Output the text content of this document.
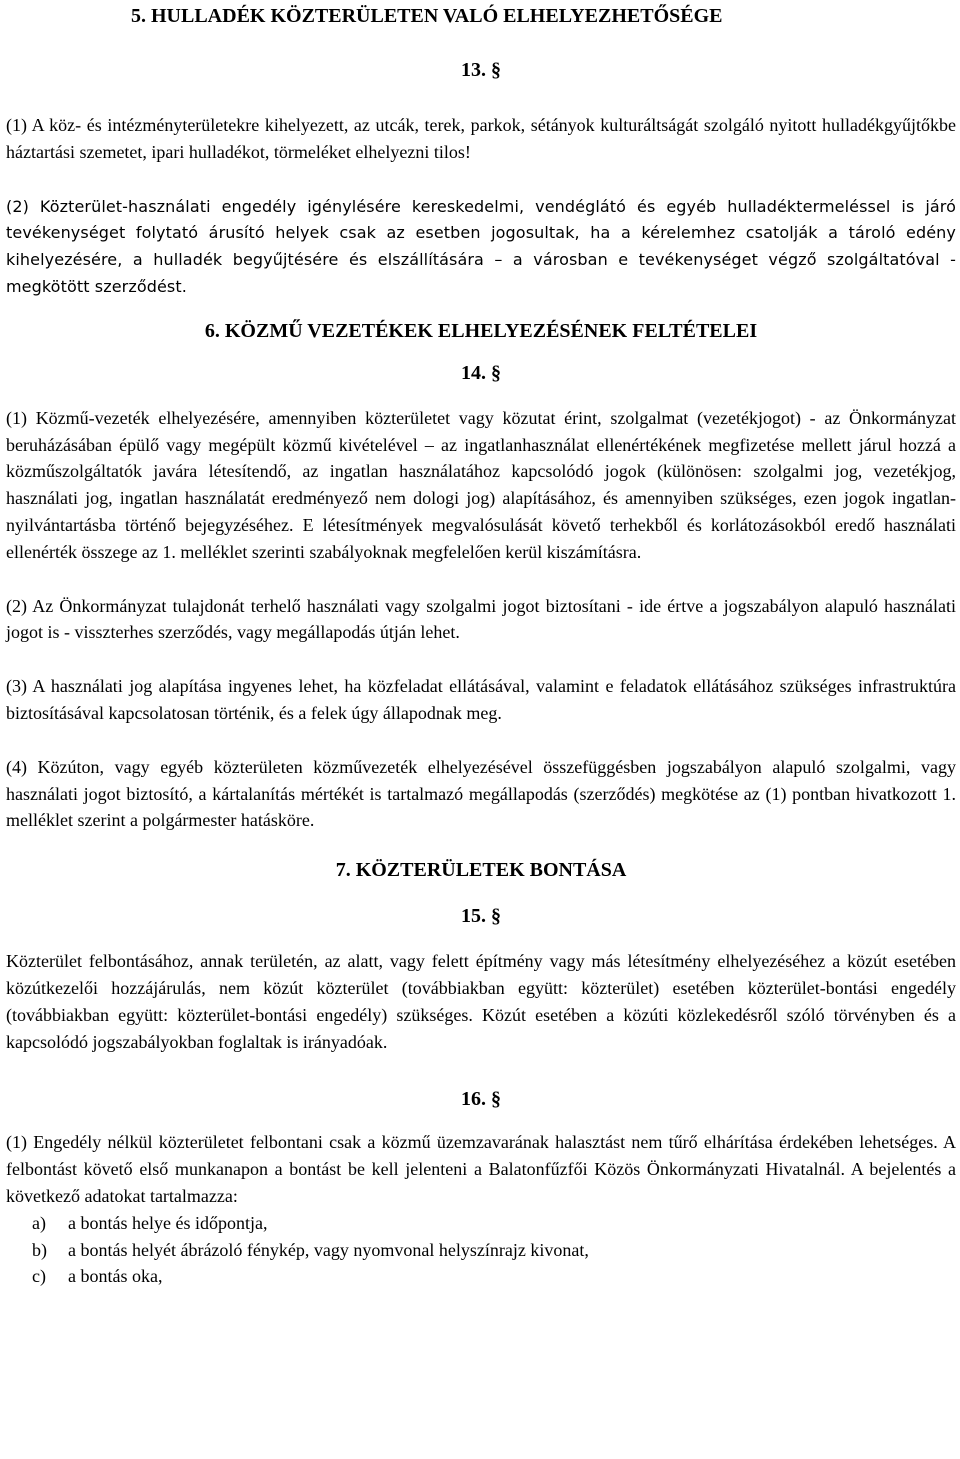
5. HULLADÉK KÖZTERÜLETEN VALÓ ELHELYEZHETŐSÉGE
13. §

(1) A köz- és intézményterületekre kihelyezett, az utcák, terek, parkok, sétányok kulturáltságát szolgáló nyitott hulladékgyűjtőkbe háztartási szemetet, ipari hulladékot, törmeléket elhelyezni tilos!

(2) Közterület-használati engedély igénylésére kereskedelmi, vendéglátó és egyéb hulladéktermeléssel is járó tevékenységet folytató árusító helyek csak az esetben jogosultak, ha a kérelemhez csatolják a tároló edény kihelyezésére, a hulladék begyűjtésére és elszállítására – a városban e tevékenységet végző szolgáltatóval - megkötött szerződést.

6. KÖZMŰ VEZETÉKEK ELHELYEZÉSÉNEK FELTÉTELEI
14. §

(1) Közmű-vezeték elhelyezésére, amennyiben közterületet vagy közutat érint, szolgalmat (vezetékjogot) - az Önkormányzat beruházásában épülő vagy megépült közmű kivételével – az ingatlanhasználat ellenértékének megfizetése mellett járul hozzá a közműszolgáltatók javára létesítendő, az ingatlan használatához kapcsolódó jogok (különösen: szolgalmi jog, vezetékjog, használati jog, ingatlan használatát eredményező nem dologi jog) alapításához, és amennyiben szükséges, ezen jogok ingatlan-nyilvántartásba történő bejegyzéséhez. E létesítmények megvalósulását követő terhekből és korlátozásokból eredő használati ellenérték összege az 1. melléklet szerinti szabályoknak megfelelően kerül kiszámításra.

(2) Az Önkormányzat tulajdonát terhelő használati vagy szolgalmi jogot biztosítani - ide értve a jogszabályon alapuló használati jogot is - visszterhes szerződés, vagy megállapodás útján lehet.

(3) A használati jog alapítása ingyenes lehet, ha közfeladat ellátásával, valamint e feladatok ellátásához szükséges infrastruktúra biztosításával kapcsolatosan történik, és a felek úgy állapodnak meg.

(4) Közúton, vagy egyéb közterületen közművezeték elhelyezésével összefüggésben jogszabályon alapuló szolgalmi, vagy használati jogot biztosító, a kártalanítás mértékét is tartalmazó megállapodás (szerződés) megkötése az (1) pontban hivatkozott 1. melléklet szerint a polgármester hatásköre.

7. KÖZTERÜLETEK BONTÁSA
15. §

Közterület felbontásához, annak területén, az alatt, vagy felett építmény vagy más létesítmény elhelyezéséhez a közút esetében közútkezelői hozzájárulás, nem közút közterület (továbbiakban együtt: közterület) esetében közterület-bontási engedély (továbbiakban együtt: közterület-bontási engedély) szükséges. Közút esetében a közúti közlekedésről szóló törvényben és a kapcsolódó jogszabályokban foglaltak is irányadóak.

16. §

(1) Engedély nélkül közterületet felbontani csak a közmű üzemzavarának halasztást nem tűrő elhárítása érdekében lehetséges. A felbontást követő első munkanapon a bontást be kell jelenteni a Balatonfűzfői Közös Önkormányzati Hivatalnál. A bejelentés a következő adatokat tartalmazza:

a)	a bontás helye és időpontja,
b)	a bontás helyét ábrázoló fénykép, vagy nyomvonal helyszínrajz kivonat,
c)	a bontás oka,
